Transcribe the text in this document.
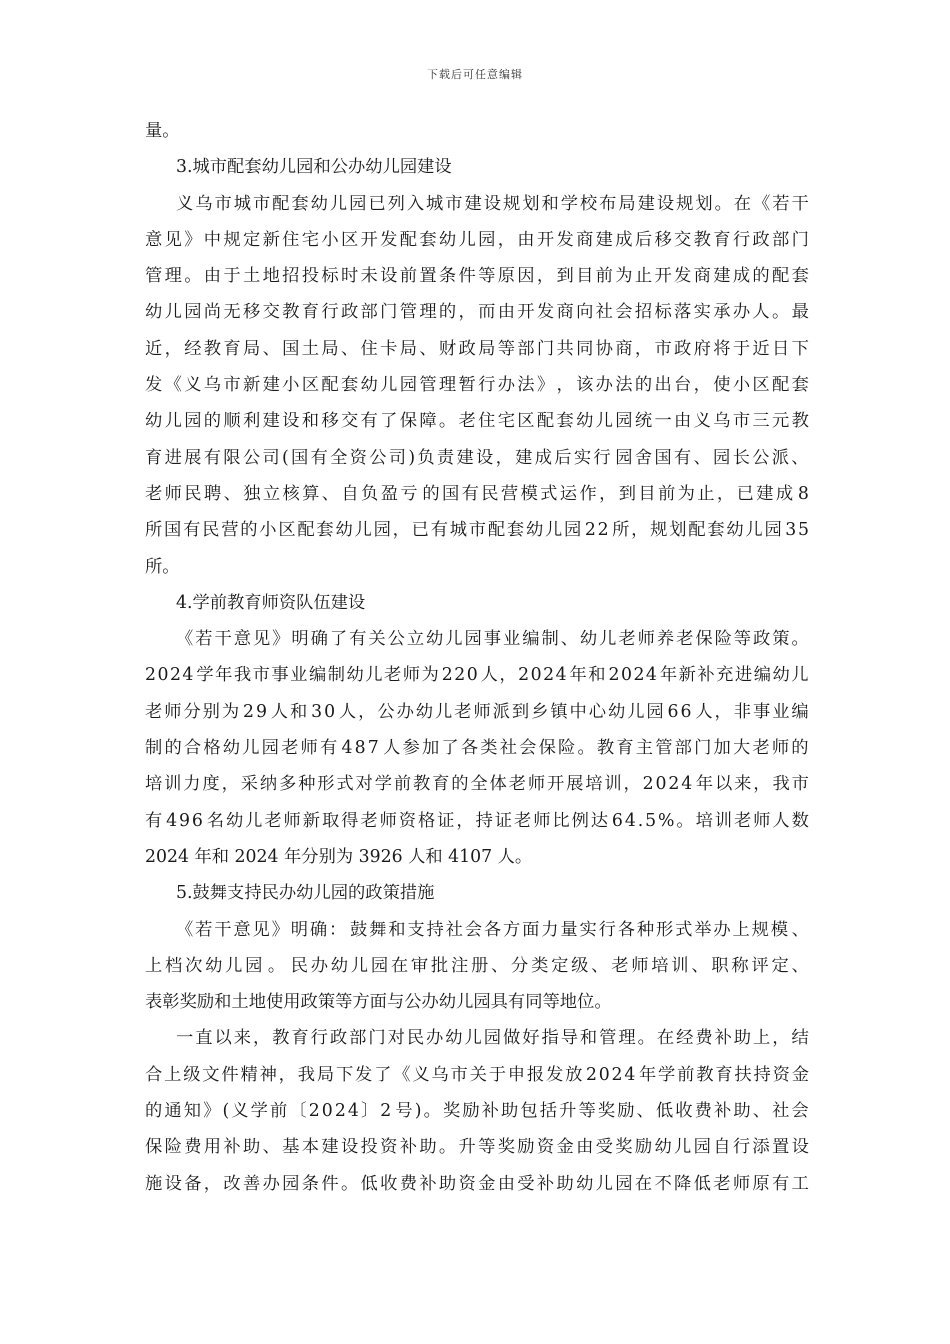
下载后可任意编辑
量。
3.城市配套幼儿园和公办幼儿园建设
义 乌 市 城 市 配 套 幼 儿 园 已 列 入 城 市 建 设 规 划 和 学 校 布 局 建 设 规 划 。 在 《 若 干
意 见 》 中 规 定 新 住 宅 小 区 开 发 配 套 幼 儿 园 ， 由 开 发 商 建 成 后 移 交 教 育 行 政 部 门
管 理 。 由 于 土 地 招 投 标 时 未 设 前 置 条 件 等 原 因 ， 到 目 前 为 止 开 发 商 建 成 的 配 套
幼 儿 园 尚 无 移 交 教 育 行 政 部 门 管 理 的 ， 而 由 开 发 商 向 社 会 招 标 落 实 承 办 人 。 最
近 ， 经 教 育 局 、 国 土 局 、 住 卡 局 、 财 政 局 等 部 门 共 同 协 商 ， 市 政 府 将 于 近 日 下
发 《 义 乌 市 新 建 小 区 配 套 幼 儿 园 管 理 暂 行 办 法 》 ， 该 办 法 的 出 台 ， 使 小 区 配 套
幼 儿 园 的 顺 利 建 设 和 移 交 有 了 保 障 。 老 住 宅 区 配 套 幼 儿 园 统 一 由 义 乌 市 三 元 教
育 进 展 有 限 公 司 ( 国 有 全 资 公 司 ) 负 责 建 设 ， 建 成 后 实 行 园 舍 国 有 、 园 长 公 派 、
老 师 民 聘 、 独 立 核 算 、 自 负 盈 亏 的 国 有 民 营 模 式 运 作 ， 到 目 前 为 止 ， 已 建 成 8
所 国 有 民 营 的 小 区 配 套 幼 儿 园 ， 已 有 城 市 配 套 幼 儿 园 2 2 所 ， 规 划 配 套 幼 儿 园 3 5
所。
4.学前教育师资队伍建设
《 若 干 意 见 》 明 确 了 有 关 公 立 幼 儿 园 事 业 编 制 、 幼 儿 老 师 养 老 保 险 等 政 策 。
2 0 2 4 学 年 我 市 事 业 编 制 幼 儿 老 师 为 2 2 0 人 ， 2 0 2 4 年 和 2 0 2 4 年 新 补 充 进 编 幼 儿
老 师 分 别 为 2 9 人 和 3 0 人 ， 公 办 幼 儿 老 师 派 到 乡 镇 中 心 幼 儿 园 6 6 人 ， 非 事 业 编
制 的 合 格 幼 儿 园 老 师 有 4 8 7 人 参 加 了 各 类 社 会 保 险 。 教 育 主 管 部 门 加 大 老 师 的
培 训 力 度 ， 采 纳 多 种 形 式 对 学 前 教 育 的 全 体 老 师 开 展 培 训 ， 2 0 2 4 年 以 来 ， 我 市
有 4 9 6 名 幼 儿 老 师 新 取 得 老 师 资 格 证 ， 持 证 老 师 比 例 达 6 4 . 5 % 。 培 训 老 师 人 数
2024 年和 2024 年分别为 3926 人和 4107 人。
5.鼓舞支持民办幼儿园的政策措施
《 若 干 意 见 》 明 确 ： 鼓 舞 和 支 持 社 会 各 方 面 力 量 实 行 各 种 形 式 举 办 上 规 模 、
上 档 次 幼 儿 园 。 民 办 幼 儿 园 在 审 批 注 册 、 分 类 定 级 、 老 师 培 训 、 职 称 评 定 、
表彰奖励和土地使用政策等方面与公办幼儿园具有同等地位。
一 直 以 来 ， 教 育 行 政 部 门 对 民 办 幼 儿 园 做 好 指 导 和 管 理 。 在 经 费 补 助 上 ， 结
合 上 级 文 件 精 神 ， 我 局 下 发 了 《 义 乌 市 关 于 申 报 发 放 2 0 2 4 年 学 前 教 育 扶 持 资 金
的 通 知 》 ( 义 学 前 〔 2 0 2 4 〕 2 号 ) 。 奖 励 补 助 包 括 升 等 奖 励 、 低 收 费 补 助 、 社 会
保 险 费 用 补 助 、 基 本 建 设 投 资 补 助 。 升 等 奖 励 资 金 由 受 奖 励 幼 儿 园 自 行 添 置 设
施 设 备 ， 改 善 办 园 条 件 。 低 收 费 补 助 资 金 由 受 补 助 幼 儿 园 在 不 降 低 老 师 原 有 工
